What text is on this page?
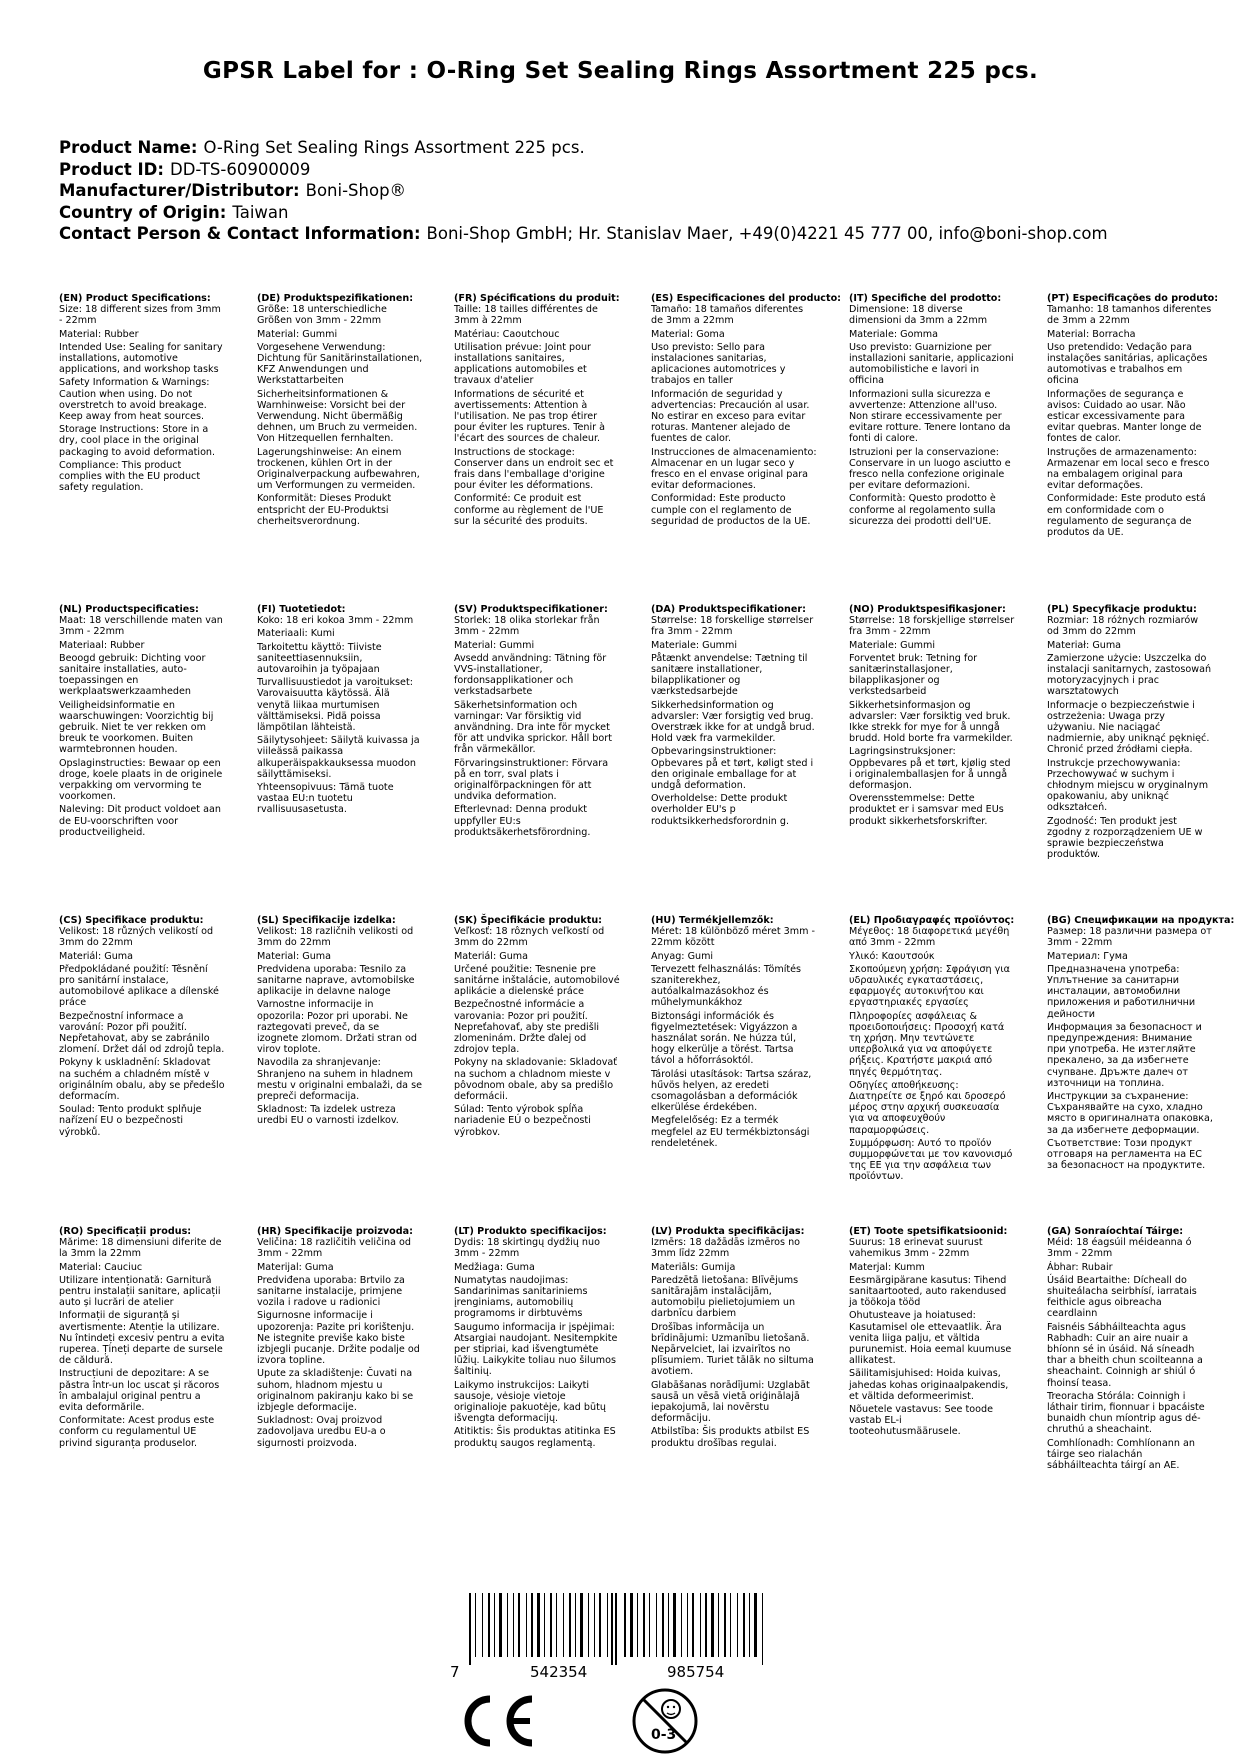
GPSR Label for : O-Ring Set Sealing Rings Assortment 225 pcs.
Product Name: O-Ring Set Sealing Rings Assortment 225 pcs.
Product ID: DD-TS-60900009
Manufacturer/Distributor: Boni-Shop®
Country of Origin: Taiwan
Contact Person & Contact Information: Boni-Shop GmbH; Hr. Stanislav Maer, +49(0)4221 45 777 00, info@boni-shop.com
(EN) Product Specifications:

Size: 18 different sizes from 3mm - 22mm

Material: Rubber

Intended Use: Sealing for sanitary installations, automotive applications, and workshop tasks

Safety Information & Warnings: Caution when using. Do not overstretch to avoid breakage. Keep away from heat sources.

Storage Instructions: Store in a dry, cool place in the original packaging to avoid deformation.

Compliance: This product complies with the EU product safety regulation.

(DE) Produktspezifikationen:

Größe: 18 unterschiedliche Größen von 3mm - 22mm

Material: Gummi

Vorgesehene Verwendung: Dichtung für Sanitärinstallationen, KFZ Anwendungen und Werkstattarbeiten

Sicherheitsinformationen & Warnhinweise: Vorsicht bei der Verwendung. Nicht übermäßig dehnen, um Bruch zu vermeiden. Von Hitzequellen fernhalten.

Lagerungshinweise: An einem trockenen, kühlen Ort in der Originalverpackung aufbewahren, um Verformungen zu vermeiden.

Konformität: Dieses Produkt entspricht der EU-Produktsi cherheitsverordnung.

(FR) Spécifications du produit:

Taille: 18 tailles différentes de 3mm à 22mm

Matériau: Caoutchouc

Utilisation prévue: Joint pour installations sanitaires, applications automobiles et travaux d'atelier

Informations de sécurité et avertissements: Attention à l'utilisation. Ne pas trop étirer pour éviter les ruptures. Tenir à l'écart des sources de chaleur.

Instructions de stockage: Conserver dans un endroit sec et frais dans l'emballage d'origine pour éviter les déformations.

Conformité: Ce produit est conforme au règlement de l'UE sur la sécurité des produits.

(ES) Especificaciones del producto:

Tamaño: 18 tamaños diferentes de 3mm a 22mm

Material: Goma

Uso previsto: Sello para instalaciones sanitarias, aplicaciones automotrices y trabajos en taller

Información de seguridad y advertencias: Precaución al usar. No estirar en exceso para evitar roturas. Mantener alejado de fuentes de calor.

Instrucciones de almacenamiento: Almacenar en un lugar seco y fresco en el envase original para evitar deformaciones.

Conformidad: Este producto cumple con el reglamento de seguridad de productos de la UE.

(IT) Specifiche del prodotto:

Dimensione: 18 diverse dimensioni da 3mm a 22mm

Materiale: Gomma

Uso previsto: Guarnizione per installazioni sanitarie, applicazioni automobilistiche e lavori in officina

Informazioni sulla sicurezza e avvertenze: Attenzione all'uso. Non stirare eccessivamente per evitare rotture. Tenere lontano da fonti di calore.

Istruzioni per la conservazione: Conservare in un luogo asciutto e fresco nella confezione originale per evitare deformazioni.

Conformità: Questo prodotto è conforme al regolamento sulla sicurezza dei prodotti dell'UE.

(PT) Especificações do produto:

Tamanho: 18 tamanhos diferentes de 3mm a 22mm

Material: Borracha

Uso pretendido: Vedação para instalações sanitárias, aplicações automotivas e trabalhos em oficina

Informações de segurança e avisos: Cuidado ao usar. Não esticar excessivamente para evitar quebras. Manter longe de fontes de calor.

Instruções de armazenamento: Armazenar em local seco e fresco na embalagem original para evitar deformações.

Conformidade: Este produto está em conformidade com o regulamento de segurança de produtos da UE.

(NL) Productspecificaties:

Maat: 18 verschillende maten van 3mm - 22mm

Materiaal: Rubber

Beoogd gebruik: Dichting voor sanitaire installaties, auto- toepassingen en werkplaatswerkzaamheden

Veiligheidsinformatie en waarschuwingen: Voorzichtig bij gebruik. Niet te ver rekken om breuk te voorkomen. Buiten warmtebronnen houden.

Opslaginstructies: Bewaar op een droge, koele plaats in de originele verpakking om vervorming te voorkomen.

Naleving: Dit product voldoet aan de EU-voorschriften voor productveiligheid.

(FI) Tuotetiedot:

Koko: 18 eri kokoa 3mm - 22mm

Materiaali: Kumi

Tarkoitettu käyttö: Tiiviste saniteettiasennuksiin, autovaroihin ja työpajaan

Turvallisuustiedot ja varoitukset: Varovaisuutta käytössä. Älä venytä liikaa murtumisen välttämiseksi. Pidä poissa lämpötilan lähteistä.

Säilytysohjeet: Säilytä kuivassa ja viileässä paikassa alkuperäispakkauksessa muodon säilyttämiseksi.

Yhteensopivuus: Tämä tuote vastaa EU:n tuotetu rvallisuusasetusta.

(SV) Produktspecifikationer:

Storlek: 18 olika storlekar från 3mm - 22mm

Material: Gummi

Avsedd användning: Tätning för VVS-installationer, fordonsapplikationer och verkstadsarbete

Säkerhetsinformation och varningar: Var försiktig vid användning. Dra inte för mycket för att undvika sprickor. Håll bort från värmekällor.

Förvaringsinstruktioner: Förvara på en torr, sval plats i originalförpackningen för att undvika deformation.

Efterlevnad: Denna produkt uppfyller EU:s produktsäkerhetsförordning.

(DA) Produktspecifikationer:

Størrelse: 18 forskellige størrelser fra 3mm - 22mm

Materiale: Gummi

Påtænkt anvendelse: Tætning til sanitære installationer, bilapplikationer og værkstedsarbejde

Sikkerhedsinformation og advarsler: Vær forsigtig ved brug. Overstræk ikke for at undgå brud. Hold væk fra varmekilder.

Opbevaringsinstruktioner: Opbevares på et tørt, køligt sted i den originale emballage for at undgå deformation.

Overholdelse: Dette produkt overholder EU's p roduktsikkerhedsforordnin g.

(NO) Produktspesifikasjoner:

Størrelse: 18 forskjellige størrelser fra 3mm - 22mm

Materiale: Gummi

Forventet bruk: Tetning for sanitærinstallasjoner, bilapplikasjoner og verkstedsarbeid

Sikkerhetsinformasjon og advarsler: Vær forsiktig ved bruk. Ikke strekk for mye for å unngå brudd. Hold borte fra varmekilder.

Lagringsinstruksjoner: Oppbevares på et tørt, kjølig sted i originalemballasjen for å unngå deformasjon.

Overensstemmelse: Dette produktet er i samsvar med EUs produkt sikkerhetsforskrifter.

(PL) Specyfikacje produktu:

Rozmiar: 18 różnych rozmiarów od 3mm do 22mm

Materiał: Guma

Zamierzone użycie: Uszczelka do instalacji sanitarnych, zastosowań motoryzacyjnych i prac warsztatowych

Informacje o bezpieczeństwie i ostrzeżenia: Uwaga przy używaniu. Nie naciągać nadmiernie, aby uniknąć pęknięć. Chronić przed źródłami ciepła.

Instrukcje przechowywania: Przechowywać w suchym i chłodnym miejscu w oryginalnym opakowaniu, aby uniknąć odkształceń.

Zgodność: Ten produkt jest zgodny z rozporządzeniem UE w sprawie bezpieczeństwa produktów.

(CS) Specifikace produktu:

Velikost: 18 různých velikostí od 3mm do 22mm

Materiál: Guma

Předpokládané použití: Těsnění pro sanitární instalace, automobilové aplikace a dílenské práce

Bezpečnostní informace a varování: Pozor při použití. Nepřetahovat, aby se zabránilo zlomení. Držet dál od zdrojů tepla.

Pokyny k uskladnění: Skladovat na suchém a chladném místě v originálním obalu, aby se předešlo deformacím.

Soulad: Tento produkt splňuje nařízení EU o bezpečnosti výrobků.

(SL) Specifikacije izdelka:

Velikost: 18 različnih velikosti od 3mm do 22mm

Material: Guma

Predvidena uporaba: Tesnilo za sanitarne naprave, avtomobilske aplikacije in delavne naloge

Varnostne informacije in opozorila: Pozor pri uporabi. Ne raztegovati preveč, da se izognete zlomom. Držati stran od virov toplote.

Navodila za shranjevanje: Shranjeno na suhem in hladnem mestu v originalni embalaži, da se prepreči deformacija.

Skladnost: Ta izdelek ustreza uredbi EU o varnosti izdelkov.

(SK) Špecifikácie produktu:

Veľkosť: 18 rôznych veľkostí od 3mm do 22mm

Materiál: Guma

Určené použitie: Tesnenie pre sanitárne inštalácie, automobilové aplikácie a dielenské práce

Bezpečnostné informácie a varovania: Pozor pri použití. Nepreťahovať, aby ste predišli zlomeninám. Držte ďalej od zdrojov tepla.

Pokyny na skladovanie: Skladovať na suchom a chladnom mieste v pôvodnom obale, aby sa predišlo deformácii.

Súlad: Tento výrobok spĺňa nariadenie EÚ o bezpečnosti výrobkov.

(HU) Termékjellemzők:

Méret: 18 különböző méret 3mm - 22mm között

Anyag: Gumi

Tervezett felhasználás: Tömítés szaniterekhez, autóalkalmazásokhoz és műhelymunkákhoz

Biztonsági információk és figyelmeztetések: Vigyázzon a használat során. Ne húzza túl, hogy elkerülje a törést. Tartsa távol a hőforrásoktól.

Tárolási utasítások: Tartsa száraz, hűvös helyen, az eredeti csomagolásban a deformációk elkerülése érdekében.

Megfelelőség: Ez a termék megfelel az EU termékbiztonsági rendeletének.

(EL) Προδιαγραφές προϊόντος:

Μέγεθος: 18 διαφορετικά μεγέθη από 3mm - 22mm

Υλικό: Καουτσούκ

Σκοπούμενη χρήση: Σφράγιση για υδραυλικές εγκαταστάσεις, εφαρμογές αυτοκινήτου και εργαστηριακές εργασίες

Πληροφορίες ασφάλειας & προειδοποιήσεις: Προσοχή κατά τη χρήση. Μην τεντώνετε υπερβολικά για να αποφύγετε ρήξεις. Κρατήστε μακριά από πηγές θερμότητας.

Οδηγίες αποθήκευσης: Διατηρείτε σε ξηρό και δροσερό μέρος στην αρχική συσκευασία για να αποφευχθούν παραμορφώσεις.

Συμμόρφωση: Αυτό το προϊόν συμμορφώνεται με τον κανονισμό της ΕΕ για την ασφάλεια των προϊόντων.

(BG) Спецификации на продукта:

Размер: 18 различни размера от 3mm - 22mm

Материал: Гума

Предназначена употреба: Уплътнение за санитарни инсталации, автомобилни приложения и работилнични дейности

Информация за безопасност и предупреждения: Внимание при употреба. Не изтегляйте прекалено, за да избегнете счупване. Дръжте далеч от източници на топлина.

Инструкции за съхранение: Съхранявайте на сухо, хладно място в оригиналната опаковка, за да избегнете деформации.

Съответствие: Този продукт отговаря на регламента на ЕС за безопасност на продуктите.

(RO) Specificații produs:

Mărime: 18 dimensiuni diferite de la 3mm la 22mm

Material: Cauciuc

Utilizare intenționată: Garnitură pentru instalații sanitare, aplicații auto și lucrări de atelier

Informații de siguranță și avertismente: Atenție la utilizare. Nu întindeți excesiv pentru a evita ruperea. Țineți departe de sursele de căldură.

Instrucțiuni de depozitare: A se păstra într-un loc uscat și răcoros în ambalajul original pentru a evita deformările.

Conformitate: Acest produs este conform cu regulamentul UE privind siguranța produselor.

(HR) Specifikacije proizvoda:

Veličina: 18 različitih veličina od 3mm - 22mm

Materijal: Guma

Predviđena uporaba: Brtvilo za sanitarne instalacije, primjene vozila i radove u radionici

Sigurnosne informacije i upozorenja: Pazite pri korištenju. Ne istegnite previše kako biste izbjegli pucanje. Držite podalje od izvora topline.

Upute za skladištenje: Čuvati na suhom, hladnom mjestu u originalnom pakiranju kako bi se izbjegle deformacije.

Sukladnost: Ovaj proizvod zadovoljava uredbu EU-a o sigurnosti proizvoda.

(LT) Produkto specifikacijos:

Dydis: 18 skirtingų dydžių nuo 3mm - 22mm

Medžiaga: Guma

Numatytas naudojimas: Sandarinimas sanitariniems įrenginiams, automobilių programoms ir dirbtuvėms

Saugumo informacija ir įspėjimai: Atsargiai naudojant. Nesitempkite per stipriai, kad išvengtumėte lūžių. Laikykite toliau nuo šilumos šaltinių.

Laikymo instrukcijos: Laikyti sausoje, vėsioje vietoje originalioje pakuotėje, kad būtų išvengta deformacijų.

Atitiktis: Šis produktas atitinka ES produktų saugos reglamentą.

(LV) Produkta specifikācijas:

Izmērs: 18 dažādās izmēros no 3mm līdz 22mm

Materiāls: Gumija

Paredzētā lietošana: Blīvējums sanitārajām instalācijām, automobiļu pielietojumiem un darbnīcu darbiem

Drošības informācija un brīdinājumi: Uzmanību lietošanā. Nepārvelciet, lai izvairītos no plīsumiem. Turiet tālāk no siltuma avotiem.

Glabāšanas norādījumi: Uzglabāt sausā un vēsā vietā oriģinālajā iepakojumā, lai novērstu deformāciju.

Atbilstība: Šis produkts atbilst ES produktu drošības regulai.

(ET) Toote spetsifikatsioonid:

Suurus: 18 erinevat suurust vahemikus 3mm - 22mm

Materjal: Kumm

Eesmärgipärane kasutus: Tihend sanitaartooted, auto rakendused ja töökoja tööd

Ohutusteave ja hoiatused: Kasutamisel ole ettevaatlik. Ära venita liiga palju, et vältida purunemist. Hoia eemal kuumuse allikatest.

Säilitamisjuhised: Hoida kuivas, jahedas kohas originaalpakendis, et vältida deformeerimist.

Nõuetele vastavus: See toode vastab EL-i tooteohutusmäärusele.

(GA) Sonraíochtaí Táirge:

Méid: 18 éagsúil méideanna ó 3mm - 22mm

Ábhar: Rubair

Úsáid Beartaithe: Dícheall do shuiteálacha seirbhísí, iarratais feithicle agus oibreacha ceardlainn

Faisnéis Sábháilteachta agus Rabhadh: Cuir an aire nuair a bhíonn sé in úsáid. Ná síneadh thar a bheith chun scoilteanna a sheachaint. Coinnigh ar shiúl ó fhoinsí teasa.

Treoracha Stórála: Coinnigh i láthair tirim, fionnuar i bpacáiste bunaidh chun míontrip agus dé- chruthú a sheachaint.

Comhlíonadh: Comhlíonann an táirge seo rialachán sábháilteachta táirgí an AE.

7	542354	985754
0-3
